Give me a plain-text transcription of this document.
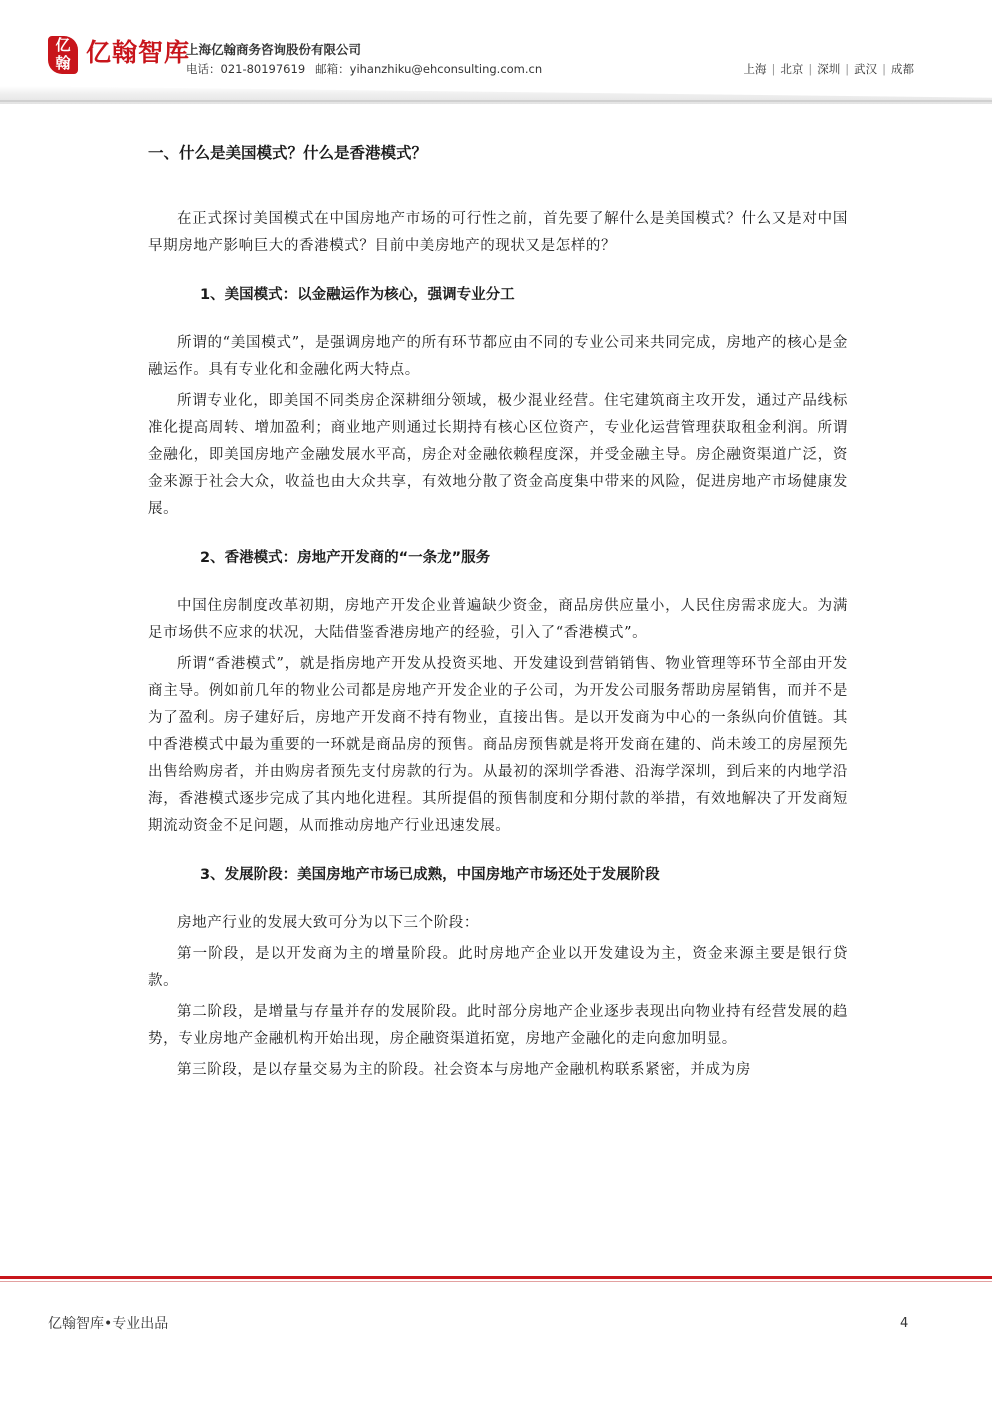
亿
翰 亿翰智库
上海亿翰商务咨询股份有限公司
电话：021-80197619 邮箱：yihanzhiku@ehconsulting.com.cn	上海 | 北京 | 深圳 | 武汉 | 成都
一、什么是美国模式？什么是香港模式？

在正式探讨美国模式在中国房地产市场的可行性之前，首先要了解什么是美国模式？什么又是对中国早期房地产影响巨大的香港模式？目前中美房地产的现状又是怎样的？

1、美国模式：以金融运作为核心，强调专业分工

所谓的“美国模式”，是强调房地产的所有环节都应由不同的专业公司来共同完成，房地产的核心是金融运作。具有专业化和金融化两大特点。

所谓专业化，即美国不同类房企深耕细分领域，极少混业经营。住宅建筑商主攻开发，通过产品线标准化提高周转、增加盈利；商业地产则通过长期持有核心区位资产，专业化运营管理获取租金利润。所谓金融化，即美国房地产金融发展水平高，房企对金融依赖程度深，并受金融主导。房企融资渠道广泛，资金来源于社会大众，收益也由大众共享，有效地分散了资金高度集中带来的风险，促进房地产市场健康发展。

2、香港模式：房地产开发商的“一条龙”服务

中国住房制度改革初期，房地产开发企业普遍缺少资金，商品房供应量小，人民住房需求庞大。为满足市场供不应求的状况，大陆借鉴香港房地产的经验，引入了“香港模式”。

所谓“香港模式”，就是指房地产开发从投资买地、开发建设到营销销售、物业管理等环节全部由开发商主导。例如前几年的物业公司都是房地产开发企业的子公司，为开发公司服务帮助房屋销售，而并不是为了盈利。房子建好后，房地产开发商不持有物业，直接出售。是以开发商为中心的一条纵向价值链。其中香港模式中最为重要的一环就是商品房的预售。商品房预售就是将开发商在建的、尚未竣工的房屋预先出售给购房者，并由购房者预先支付房款的行为。从最初的深圳学香港、沿海学深圳，到后来的内地学沿海，香港模式逐步完成了其内地化进程。其所提倡的预售制度和分期付款的举措，有效地解决了开发商短期流动资金不足问题，从而推动房地产行业迅速发展。

3、发展阶段：美国房地产市场已成熟，中国房地产市场还处于发展阶段

房地产行业的发展大致可分为以下三个阶段：

第一阶段，是以开发商为主的增量阶段。此时房地产企业以开发建设为主，资金来源主要是银行贷款。

第二阶段，是增量与存量并存的发展阶段。此时部分房地产企业逐步表现出向物业持有经营发展的趋势，专业房地产金融机构开始出现，房企融资渠道拓宽，房地产金融化的走向愈加明显。

第三阶段，是以存量交易为主的阶段。社会资本与房地产金融机构联系紧密，并成为房

亿翰智库•专业出品	4
